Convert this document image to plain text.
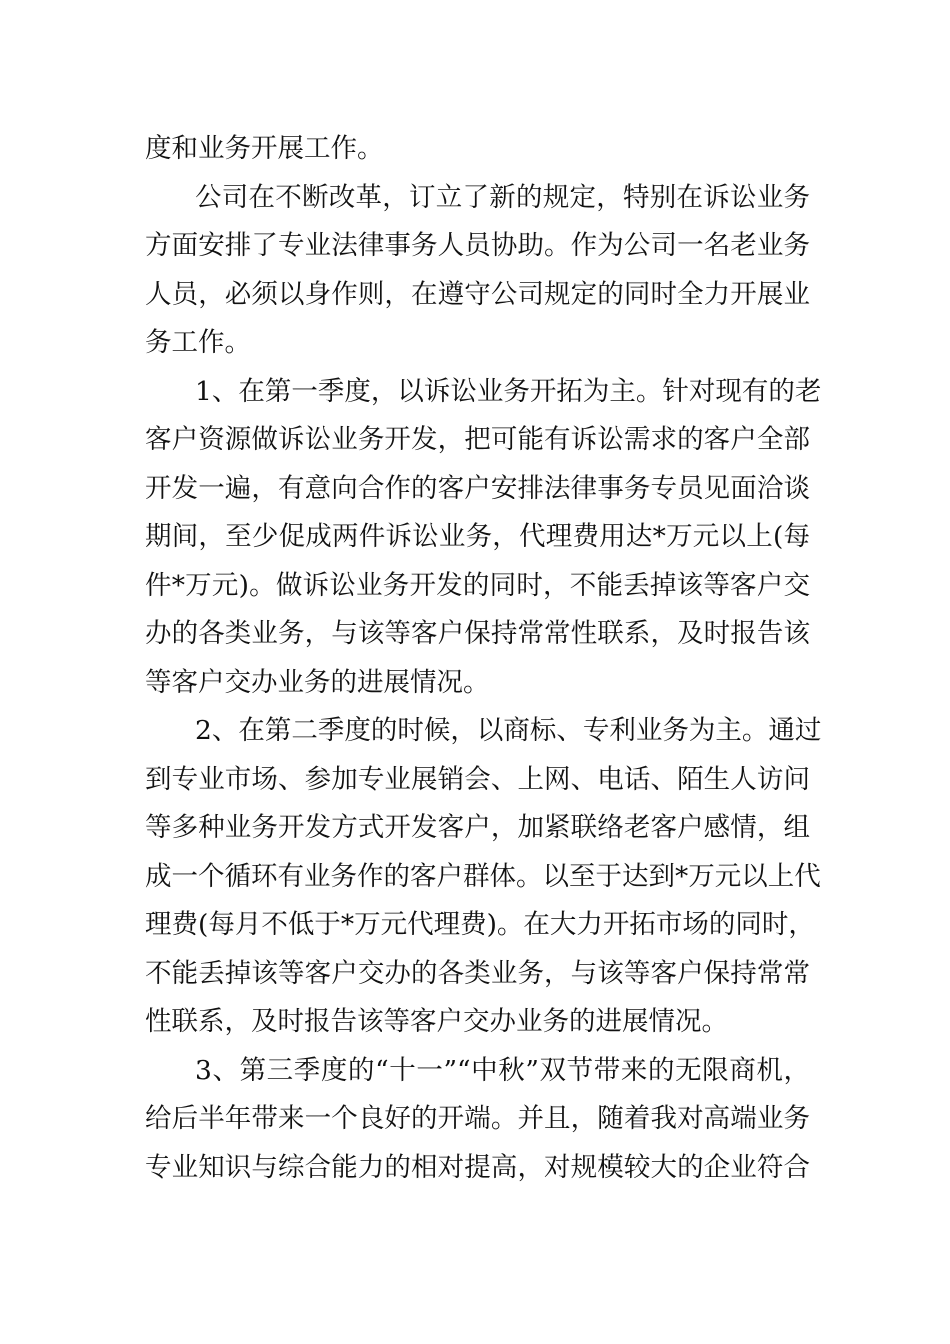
度和业务开展工作。
公司在不断改革，订立了新的规定，特别在诉讼业务
方面安排了专业法律事务人员协助。作为公司一名老业务
人员，必须以身作则，在遵守公司规定的同时全力开展业
务工作。
1、在第一季度，以诉讼业务开拓为主。针对现有的老
客户资源做诉讼业务开发，把可能有诉讼需求的客户全部
开发一遍，有意向合作的客户安排法律事务专员见面洽谈
期间，至少促成两件诉讼业务，代理费用达*万元以上(每
件*万元)。做诉讼业务开发的同时，不能丢掉该等客户交
办的各类业务，与该等客户保持常常性联系，及时报告该
等客户交办业务的进展情况。
2、在第二季度的时候，以商标、专利业务为主。通过
到专业市场、参加专业展销会、上网、电话、陌生人访问
等多种业务开发方式开发客户，加紧联络老客户感情，组
成一个循环有业务作的客户群体。以至于达到*万元以上代
理费(每月不低于*万元代理费)。在大力开拓市场的同时，
不能丢掉该等客户交办的各类业务，与该等客户保持常常
性联系，及时报告该等客户交办业务的进展情况。
3、第三季度的“十一”“中秋”双节带来的无限商机，
给后半年带来一个良好的开端。并且，随着我对高端业务
专业知识与综合能力的相对提高，对规模较大的企业符合
